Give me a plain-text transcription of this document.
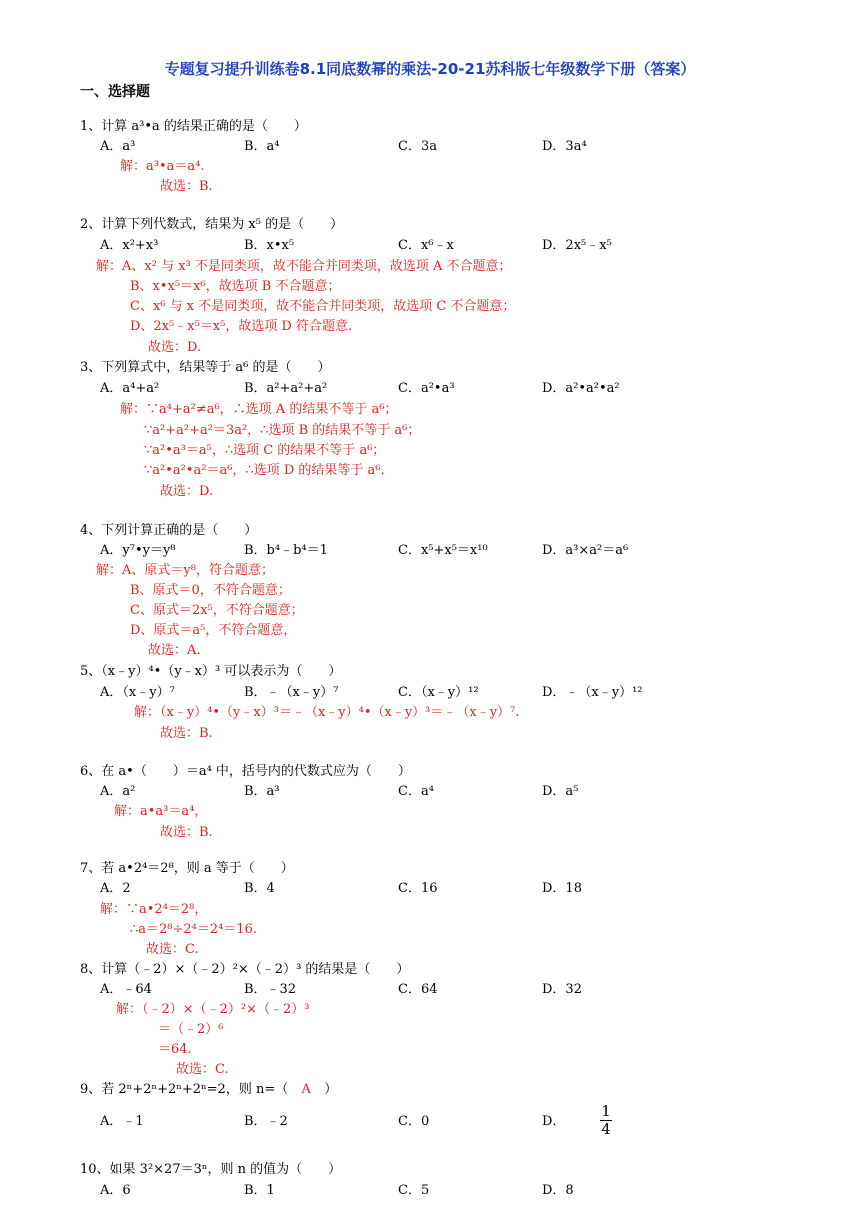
专题复习提升训练卷8.1同底数幂的乘法-20-21苏科版七年级数学下册（答案）
一、选择题
1、计算 a³•a 的结果正确的是（　　）
A．a³	B．a⁴	C．3a	D．3a⁴
解：a³•a＝a⁴.
故选：B.
2、计算下列代数式，结果为 x⁵ 的是（　　）
A．x²+x³	B．x•x⁵	C．x⁶﹣x	D．2x⁵﹣x⁵
解：A、x² 与 x³ 不是同类项，故不能合并同类项，故选项 A 不合题意；
B、x•x⁵＝x⁶，故选项 B 不合题意；
C、x⁶ 与 x 不是同类项，故不能合并同类项，故选项 C 不合题意；
D、2x⁵﹣x⁵＝x⁵，故选项 D 符合题意.
故选：D.
3、下列算式中，结果等于 a⁶ 的是（　　）
A．a⁴+a²	B．a²+a²+a²	C．a²•a³	D．a²•a²•a²
解：∵a⁴+a²≠a⁶，∴选项 A 的结果不等于 a⁶；
∵a²+a²+a²＝3a²，∴选项 B 的结果不等于 a⁶；
∵a²•a³＝a⁵，∴选项 C 的结果不等于 a⁶；
∵a²•a²•a²＝a⁶，∴选项 D 的结果等于 a⁶.
故选：D.
4、下列计算正确的是（　　）
A．y⁷•y＝y⁸	B．b⁴﹣b⁴＝1	C．x⁵+x⁵＝x¹⁰	D．a³×a²＝a⁶
解：A、原式＝y⁸，符合题意；
B、原式＝0，不符合题意；
C、原式＝2x⁵，不符合题意；
D、原式＝a⁵，不符合题意，
故选：A.
5、（x﹣y）⁴•（y﹣x）³ 可以表示为（　　）
A．（x﹣y）⁷	B．﹣（x﹣y）⁷	C．（x﹣y）¹²	D．﹣（x﹣y）¹²
解：（x﹣y）⁴•（y﹣x）³＝﹣（x﹣y）⁴•（x﹣y）³＝﹣（x﹣y）⁷.
故选：B.
6、在 a•（　　）＝a⁴ 中，括号内的代数式应为（　　）
A．a²	B．a³	C．a⁴	D．a⁵
解：a•a³＝a⁴，
故选：B.
7、若 a•2⁴＝2⁸，则 a 等于（　　）
A．2	B．4	C．16	D．18
解：∵a•2⁴＝2⁸，
∴a＝2⁸÷2⁴＝2⁴＝16.
故选：C.
8、计算（﹣2）×（﹣2）²×（﹣2）³ 的结果是（　　）
A．﹣64	B．﹣32	C．64	D．32
解：（﹣2）×（﹣2）²×（﹣2）³
＝（﹣2）⁶
＝64.
故选：C.
9、若 2ⁿ+2ⁿ+2ⁿ+2ⁿ=2，则 n=（ A ）
A．﹣1	B．﹣2	C．0	D．
1
4
10、如果 3²×27＝3ⁿ，则 n 的值为（　　）
A．6	B．1	C．5	D．8
